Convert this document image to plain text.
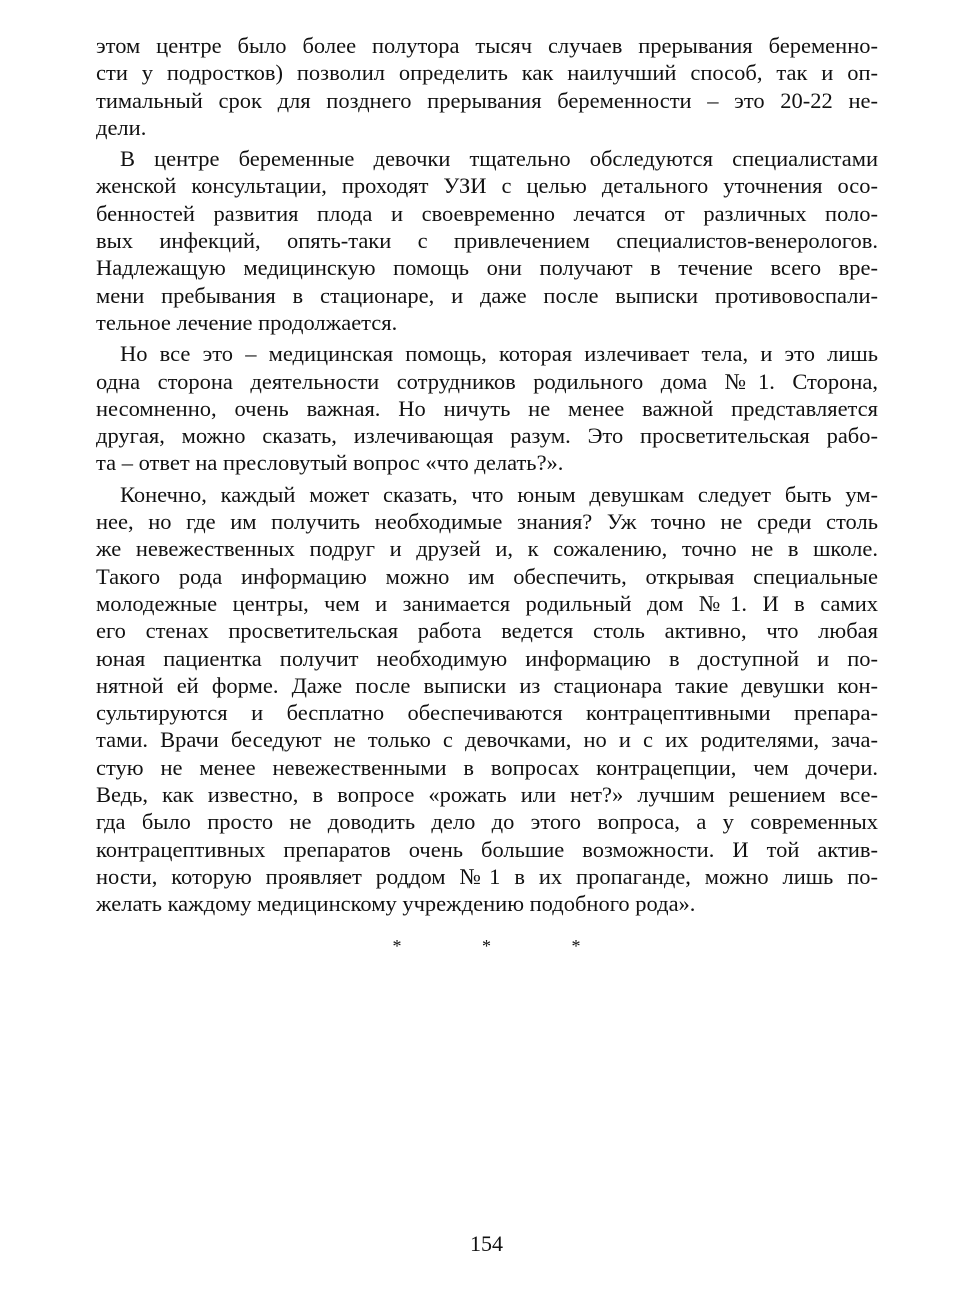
этом центре было более полутора тысяч случаев прерывания беременно-
сти у подростков) позволил определить как наилучший способ, так и оп-
тимальный срок для позднего прерывания беременности – это 20-22 не-
дели.
В центре беременные девочки тщательно обследуются специалистами
женской консультации, проходят УЗИ с целью детального уточнения осо-
бенностей развития плода и своевременно лечатся от различных поло-
вых инфекций, опять-таки с привлечением специалистов-венерологов.
Надлежащую медицинскую помощь они получают в течение всего вре-
мени пребывания в стационаре, и даже после выписки противовоспали-
тельное лечение продолжается.
Но все это – медицинская помощь, которая излечивает тела, и это лишь
одна сторона деятельности сотрудников родильного дома №1. Сторона,
несомненно, очень важная. Но ничуть не менее важной представляется
другая, можно сказать, излечивающая разум. Это просветительская рабо-
та – ответ на пресловутый вопрос «что делать?».
Конечно, каждый может сказать, что юным девушкам следует быть ум-
нее, но где им получить необходимые знания? Уж точно не среди столь
же невежественных подруг и друзей и, к сожалению, точно не в школе.
Такого рода информацию можно им обеспечить, открывая специальные
молодежные центры, чем и занимается родильный дом №1. И в самих
его стенах просветительская работа ведется столь активно, что любая
юная пациентка получит необходимую информацию в доступной и по-
нятной ей форме. Даже после выписки из стационара такие девушки кон-
сультируются и бесплатно обеспечиваются контрацептивными препара-
тами. Врачи беседуют не только с девочками, но и с их родителями, зача-
стую не менее невежественными в вопросах контрацепции, чем дочери.
Ведь, как известно, в вопросе «рожать или нет?» лучшим решением все-
гда было просто не доводить дело до этого вопроса, а у современных
контрацептивных препаратов очень большие возможности. И той актив-
ности, которую проявляет роддом №1 в их пропаганде, можно лишь по-
желать каждому медицинскому учреждению подобного рода».
* * *
154
